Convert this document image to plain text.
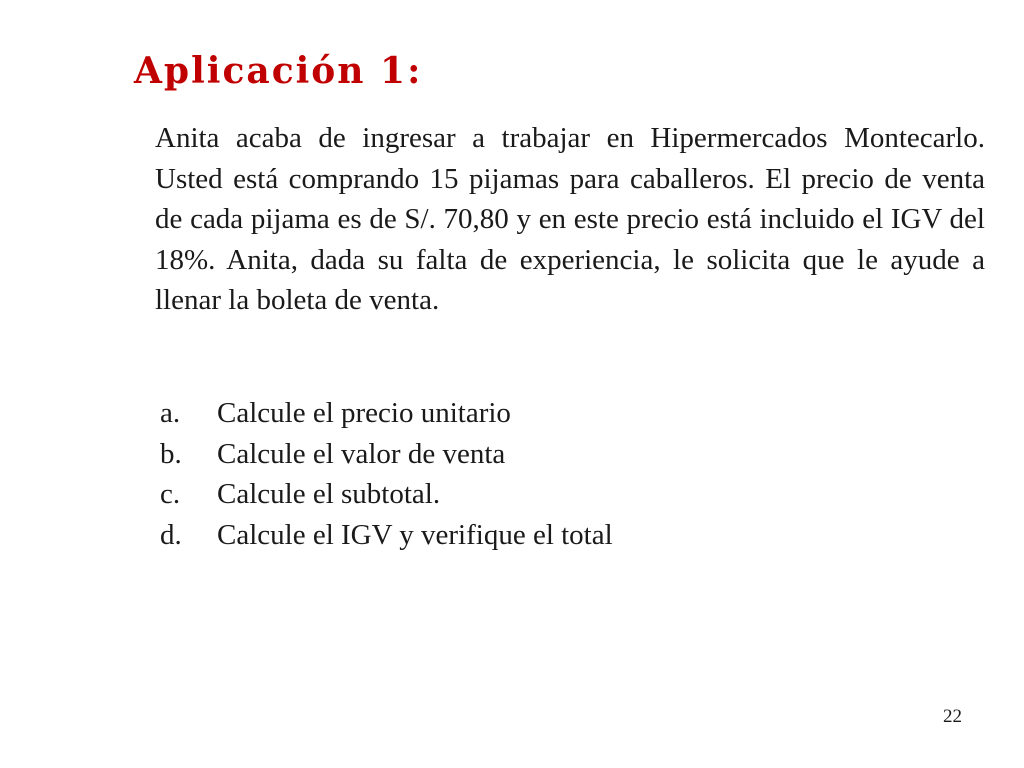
Aplicación 1:

Anita acaba de ingresar a trabajar en Hipermercados Montecarlo. Usted está comprando 15 pijamas para caballeros. El precio de venta de cada pijama es de S/. 70,80 y en este precio está incluido el IGV del 18%. Anita, dada su falta de experiencia, le solicita que le ayude a llenar la boleta de venta.

a.	Calcule el precio unitario
b.	Calcule el valor de venta
c.	Calcule el subtotal.
d.	Calcule el IGV y verifique el total
22
